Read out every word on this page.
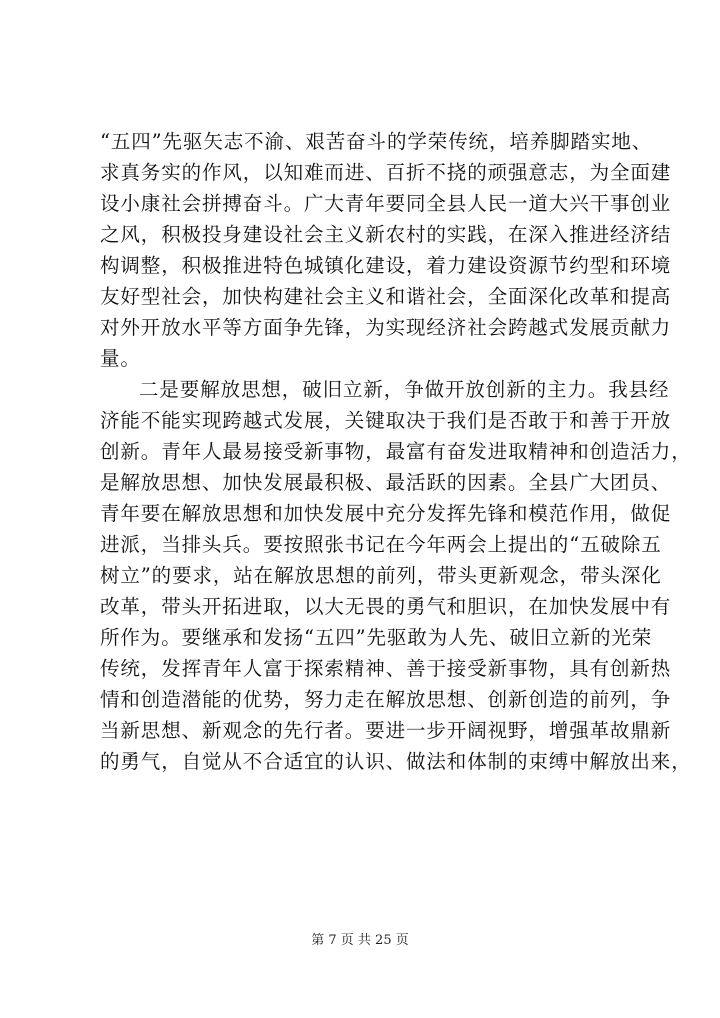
“五四”先驱矢志不渝、艰苦奋斗的学荣传统，培养脚踏实地、
求真务实的作风，以知难而进、百折不挠的顽强意志，为全面建
设小康社会拼搏奋斗。广大青年要同全县人民一道大兴干事创业
之风，积极投身建设社会主义新农村的实践，在深入推进经济结
构调整，积极推进特色城镇化建设，着力建设资源节约型和环境
友好型社会，加快构建社会主义和谐社会，全面深化改革和提高
对外开放水平等方面争先锋，为实现经济社会跨越式发展贡献力
量。
二是要解放思想，破旧立新，争做开放创新的主力。我县经
济能不能实现跨越式发展，关键取决于我们是否敢于和善于开放
创新。青年人最易接受新事物，最富有奋发进取精神和创造活力，
是解放思想、加快发展最积极、最活跃的因素。全县广大团员、
青年要在解放思想和加快发展中充分发挥先锋和模范作用，做促
进派，当排头兵。要按照张书记在今年两会上提出的“五破除五
树立”的要求，站在解放思想的前列，带头更新观念，带头深化
改革，带头开拓进取，以大无畏的勇气和胆识，在加快发展中有
所作为。要继承和发扬“五四”先驱敢为人先、破旧立新的光荣
传统，发挥青年人富于探索精神、善于接受新事物，具有创新热
情和创造潜能的优势，努力走在解放思想、创新创造的前列，争
当新思想、新观念的先行者。要进一步开阔视野，增强革故鼎新
的勇气，自觉从不合适宜的认识、做法和体制的束缚中解放出来，
第 7 页 共 25 页
